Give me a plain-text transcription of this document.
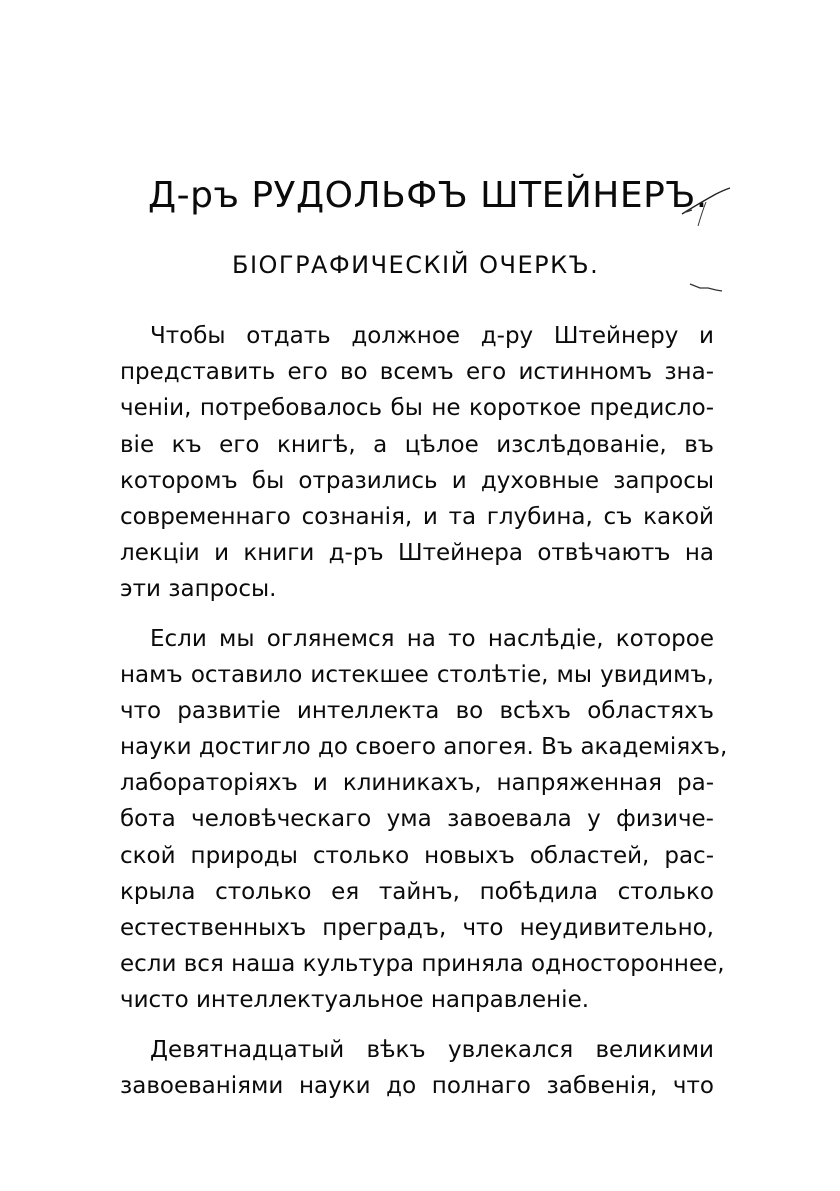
Д-ръ РУДОЛЬФЪ ШТЕЙНЕРЪ.
БІОГРАФИЧЕСКІЙ ОЧЕРКЪ.
Чтобы отдать должное д-ру Штейнеру и
представить его во всемъ его истинномъ зна-
ченіи, потребовалось бы не короткое предисло-
віе къ его книгѣ, а цѣлое изслѣдованіе, въ
которомъ бы отразились и духовные запросы
современнаго сознанія, и та глубина, съ какой
лекціи и книги д-ръ Штейнера отвѣчаютъ на
эти запросы.
Если мы оглянемся на то наслѣдіе, которое
намъ оставило истекшее столѣтіе, мы увидимъ,
что развитіе интеллекта во всѣхъ областяхъ
науки достигло до своего апогея. Въ академіяхъ,
лабораторіяхъ и клиникахъ, напряженная ра-
бота человѣческаго ума завоевала у физиче-
ской природы столько новыхъ областей, рас-
крыла столько ея тайнъ, побѣдила столько
естественныхъ преградъ, что неудивительно,
если вся наша культура приняла одностороннее,
чисто интеллектуальное направленіе.
Девятнадцатый вѣкъ увлекался великими
завоеваніями науки до полнаго забвенія, что
